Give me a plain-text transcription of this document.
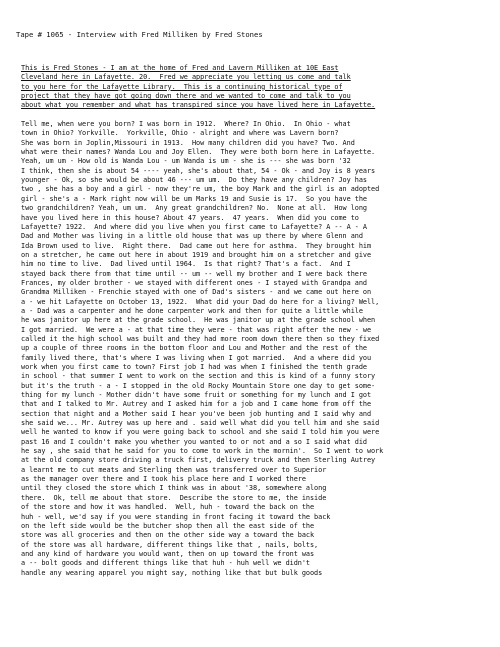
Tape # 1065 - Interview with Fred Milliken by Fred Stones
This is Fred Stones - I am at the home of Fred and Lavern Milliken at 10E East
Cleveland here in Lafayette. 20.  Fred we appreciate you letting us come and talk
to you here for the Lafayette Library.  This is a continuing historical type of
project that they have got going down there and we wanted to come and talk to you
about what you remember and what has transpired since you have lived here in Lafayette.
Tell me, when were you born? I was born in 1912.  Where? In Ohio.  In Ohio - what
town in Ohio? Yorkville.  Yorkville, Ohio - alright and where was Lavern born?
She was born in Joplin,Missouri in 1913.  How many children did you have? Two. And
what were their names? Wanda Lou and Joy Ellen.  They were both born here in Lafayette.
Yeah, um um - How old is Wanda Lou - um Wanda is um - she is --- she was born '32
I think, then she is about 54 ---- yeah, she's about that, 54 - Ok - and Joy is 8 years
younger - Ok, so she would be about 46 --- um um.  Do they have any children? Joy has
two , she has a boy and a girl - now they're um, the boy Mark and the girl is an adopted
girl - she's a - Mark right now will be um Marks 19 and Susie is 17.  So you have the
two grandchildren? Yeah, um um.  Any great grandchildren? No.  None at all.  How long
have you lived here in this house? About 47 years.  47 years.  When did you come to
Lafayette? 1922.  And where did you live when you first came to Lafayette? A -- A - A
Dad and Mother was living in a little old house that was up there by where Glenn and
Ida Brown used to live.  Right there.  Dad came out here for asthma.  They brought him
on a stretcher, he came out here in about 1919 and brought him on a stretcher and give
him no time to live.  Dad lived until 1964.  Is that right? That's a fact.  And I
stayed back there from that time until -- um -- well my brother and I were back there
Frances, my older brother - we stayed with different ones - I stayed with Grandpa and
Grandma Milliken - Frenchie stayed with one of Dad's sisters - and we came out here on
a - we hit Lafayette on October 13, 1922.  What did your Dad do here for a living? Well,
a - Dad was a carpenter and he done carpenter work and then for quite a little while
he was janitor up here at the grade school.  He was janitor up at the grade school when
I got married.  We were a - at that time they were - that was right after the new - we
called it the high school was built and they had more room down there then so they fixed
up a couple of three rooms in the bottom floor and Lou and Mother and the rest of the
family lived there, that's where I was living when I got married.  And a where did you
work when you first came to town? First job I had was when I finished the tenth grade
in school - that summer I went to work on the section and this is kind of a funny story
but it's the truth - a - I stopped in the old Rocky Mountain Store one day to get some-
thing for my lunch - Mother didn't have some fruit or something for my lunch and I got
that and I talked to Mr. Autrey and I asked him for a job and I came home from off the
section that night and a Mother said I hear you've been job hunting and I said why and
she said we... Mr. Autrey was up here and . said well what did you tell him and she said
well he wanted to know if you were going back to school and she said I told him you were
past 16 and I couldn't make you whether you wanted to or not and a so I said what did
he say , she said that he said for you to come to work in the mornin'.  So I went to work
at the old company store driving a truck first, delivery truck and then Sterling Autrey
a learnt me to cut meats and Sterling then was transferred over to Superior
as the manager over there and I took his place here and I worked there
until they closed the store which I think was in about '38, somewhere along
there.  Ok, tell me about that store.  Describe the store to me, the inside
of the store and how it was handled.  Well, huh - toward the back on the
huh - well, we'd say if you were standing in front facing it toward the back
on the left side would be the butcher shop then all the east side of the
store was all groceries and then on the other side way a toward the back
of the store was all hardware, different things like that , nails, bolts,
and any kind of hardware you would want, then on up toward the front was
a -- bolt goods and different things like that huh - huh well we didn't
handle any wearing apparel you might say, nothing like that but bulk goods
